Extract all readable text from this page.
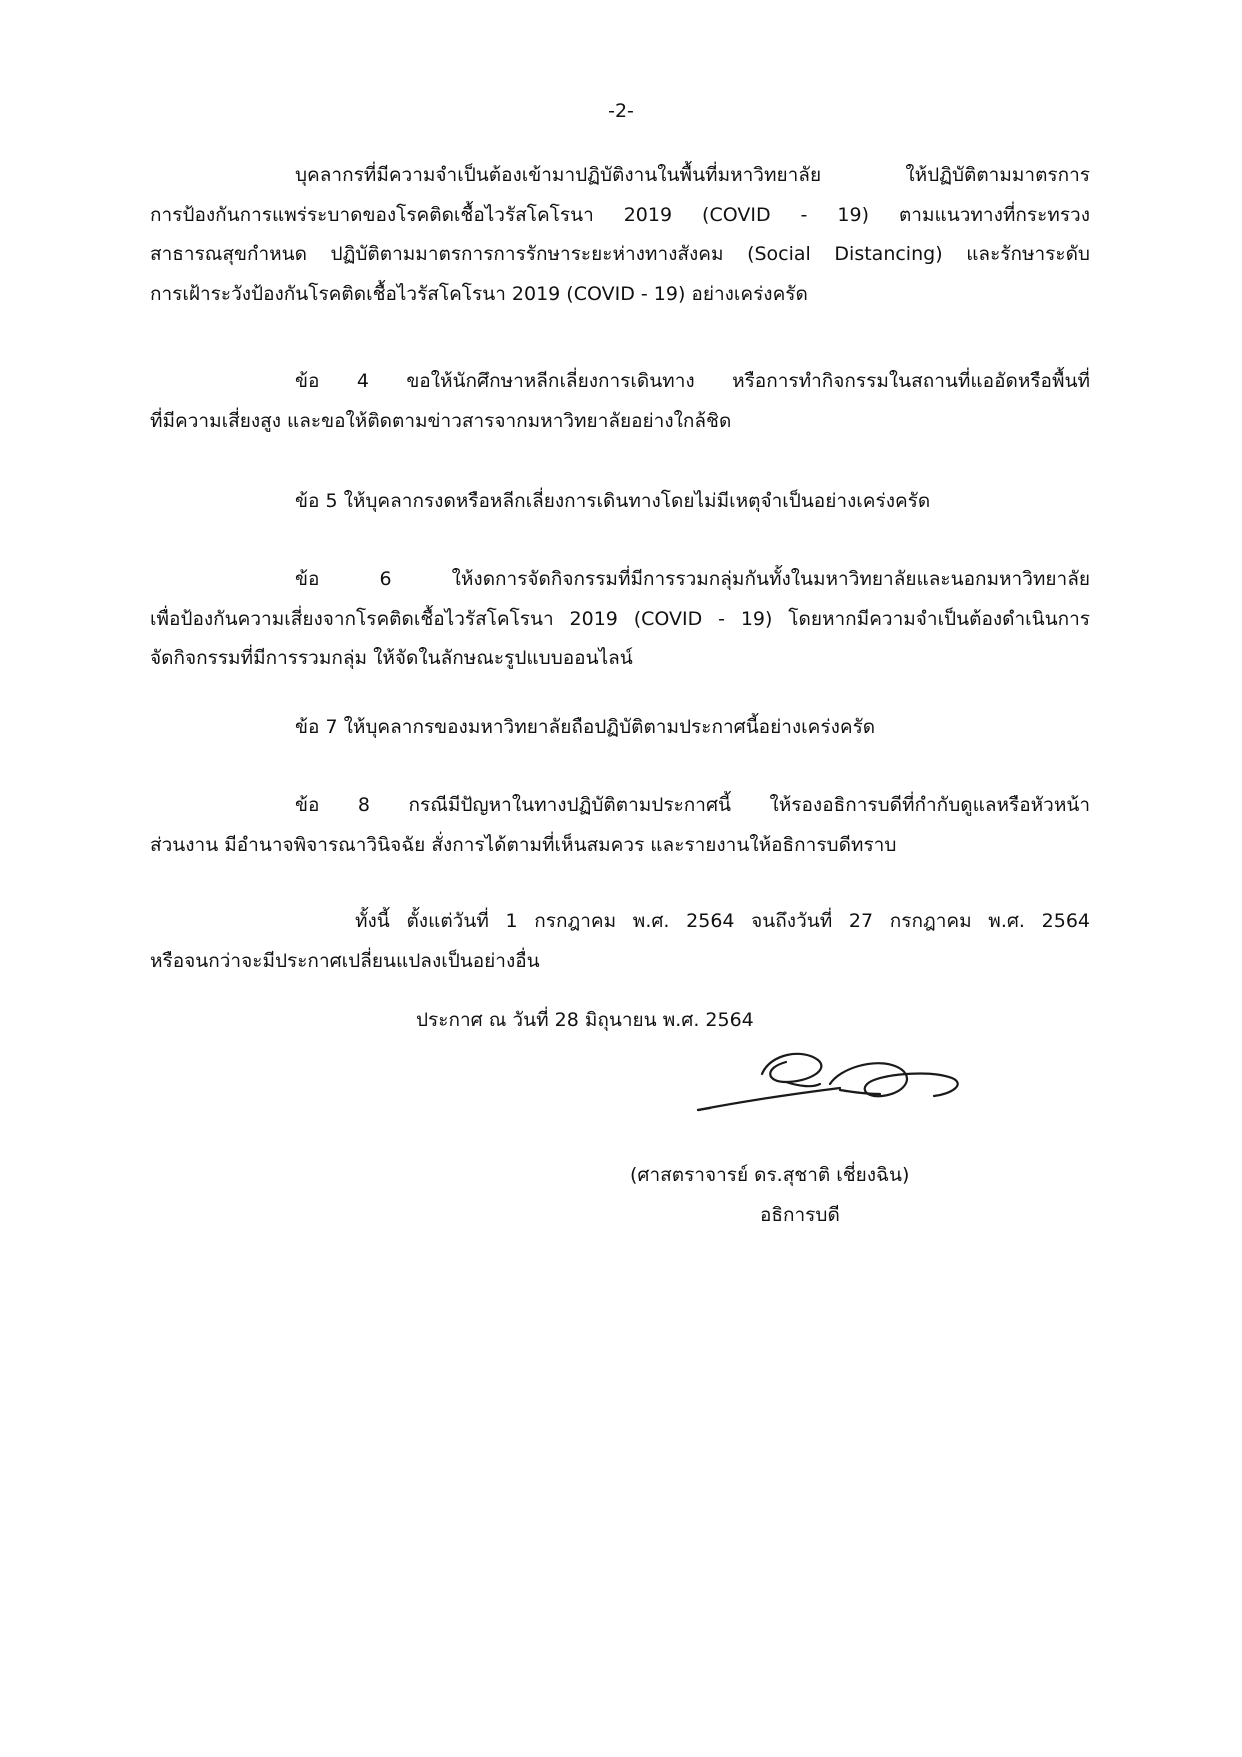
-2-
บุคลากรที่มีความจำเป็นต้องเข้ามาปฏิบัติงานในพื้นที่มหาวิทยาลัย ให้ปฏิบัติตามมาตรการ
การป้องกันการแพร่ระบาดของโรคติดเชื้อไวรัสโคโรนา 2019 (COVID - 19) ตามแนวทางที่กระทรวง
สาธารณสุขกำหนด ปฏิบัติตามมาตรการการรักษาระยะห่างทางสังคม (Social Distancing) และรักษาระดับ
การเฝ้าระวังป้องกันโรคติดเชื้อไวรัสโคโรนา 2019 (COVID - 19) อย่างเคร่งครัด
ข้อ 4 ขอให้นักศึกษาหลีกเลี่ยงการเดินทาง หรือการทำกิจกรรมในสถานที่แออัดหรือพื้นที่
ที่มีความเสี่ยงสูง และขอให้ติดตามข่าวสารจากมหาวิทยาลัยอย่างใกล้ชิด
ข้อ 5 ให้บุคลากรงดหรือหลีกเลี่ยงการเดินทางโดยไม่มีเหตุจำเป็นอย่างเคร่งครัด
ข้อ 6 ให้งดการจัดกิจกรรมที่มีการรวมกลุ่มกันทั้งในมหาวิทยาลัยและนอกมหาวิทยาลัย
เพื่อป้องกันความเสี่ยงจากโรคติดเชื้อไวรัสโคโรนา 2019 (COVID - 19) โดยหากมีความจำเป็นต้องดำเนินการ
จัดกิจกรรมที่มีการรวมกลุ่ม ให้จัดในลักษณะรูปแบบออนไลน์
ข้อ 7 ให้บุคลากรของมหาวิทยาลัยถือปฏิบัติตามประกาศนี้อย่างเคร่งครัด
ข้อ 8 กรณีมีปัญหาในทางปฏิบัติตามประกาศนี้ ให้รองอธิการบดีที่กำกับดูแลหรือหัวหน้า
ส่วนงาน มีอำนาจพิจารณาวินิจฉัย สั่งการได้ตามที่เห็นสมควร และรายงานให้อธิการบดีทราบ
ทั้งนี้ ตั้งแต่วันที่ 1 กรกฎาคม พ.ศ. 2564 จนถึงวันที่ 27 กรกฎาคม พ.ศ. 2564
หรือจนกว่าจะมีประกาศเปลี่ยนแปลงเป็นอย่างอื่น
ประกาศ ณ วันที่ 28 มิถุนายน พ.ศ. 2564
(ศาสตราจารย์ ดร.สุชาติ เชี่ยงฉิน)
อธิการบดี
